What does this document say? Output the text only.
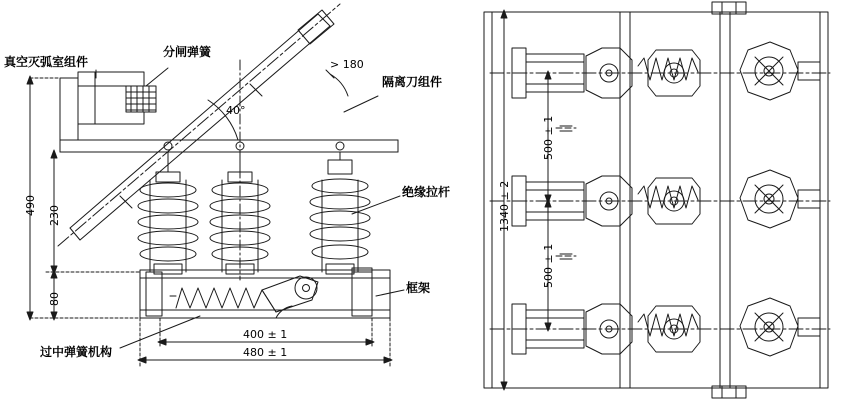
真空灭弧室组件
分闸弹簧
隔离刀组件
绝缘拉杆
框架
过中弹簧机构
40°
> 180
490 230
80
400 ± 1
480 ± 1
1340 ± 2
500 ± 1
500 ± 1
